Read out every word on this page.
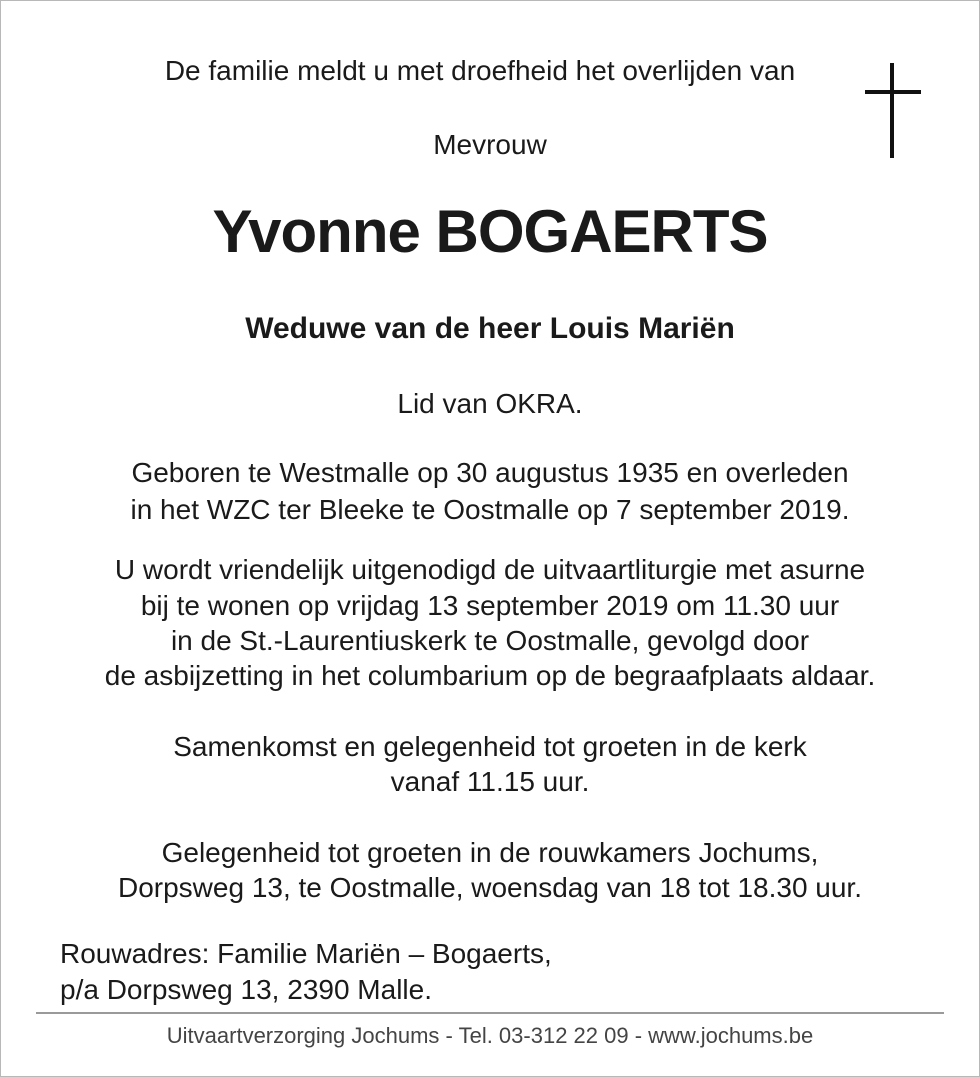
De familie meldt u met droefheid het overlijden van
Mevrouw
Yvonne BOGAERTS
Weduwe van de heer Louis Mariën
Lid van OKRA.
Geboren te Westmalle op 30 augustus 1935 en overleden
in het WZC ter Bleeke te Oostmalle op 7 september 2019.
U wordt vriendelijk uitgenodigd de uitvaartliturgie met asurne
bij te wonen op vrijdag 13 september 2019 om 11.30 uur
in de St.-Laurentiuskerk te Oostmalle, gevolgd door
de asbijzetting in het columbarium op de begraafplaats aldaar.
Samenkomst en gelegenheid tot groeten in de kerk
vanaf 11.15 uur.
Gelegenheid tot groeten in de rouwkamers Jochums,
Dorpsweg 13, te Oostmalle, woensdag van 18 tot 18.30 uur.
Rouwadres: Familie Mariën – Bogaerts,
p/a Dorpsweg 13, 2390 Malle.
Uitvaartverzorging Jochums - Tel. 03-312 22 09 - www.jochums.be
